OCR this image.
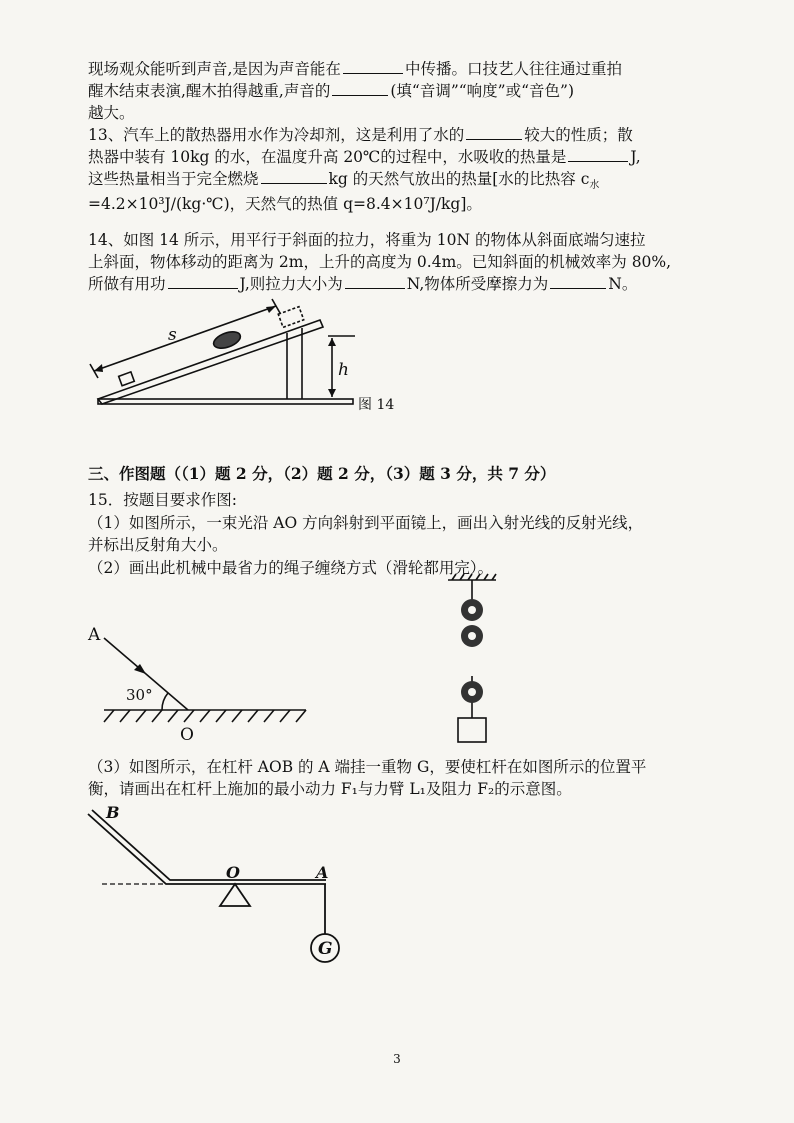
现场观众能听到声音,是因为声音能在	中传播。口技艺人往往通过重拍
醒木结束表演,醒木拍得越重,声音的	(填“音调”“响度”或“音色”)
越大。
13、汽车上的散热器用水作为冷却剂，这是利用了水的	较大的性质；散
热器中装有 10kg 的水，在温度升高 20℃的过程中，水吸收的热量是	J,
这些热量相当于完全燃烧	kg 的天然气放出的热量[水的比热容 $c_水$
=4.2×10³J/(kg·℃)，天然气的热值 q=8.4×10⁷J/kg]。
14、如图 14 所示，用平行于斜面的拉力，将重为 10N 的物体从斜面底端匀速拉
上斜面，物体移动的距离为 2m，上升的高度为 0.4m。已知斜面的机械效率为 80%,
所做有用功	J,则拉力大小为	N,物体所受摩擦力为	N。
s
h
图 14
三、作图题（（1）题 2 分，（2）题 2 分，（3）题 3 分，共 7 分）
15．按题目要求作图:
（1）如图所示，一束光沿 AO 方向斜射到平面镜上，画出入射光线的反射光线，
并标出反射角大小。
（2）画出此机械中最省力的绳子缠绕方式（滑轮都用完）。
A
O
30°
（3）如图所示，在杠杆 AOB 的 A 端挂一重物 G，要使杠杆在如图所示的位置平
衡，请画出在杠杆上施加的最小动力 F₁与力臂 L₁及阻力 F₂的示意图。
B
O	A
G
3
